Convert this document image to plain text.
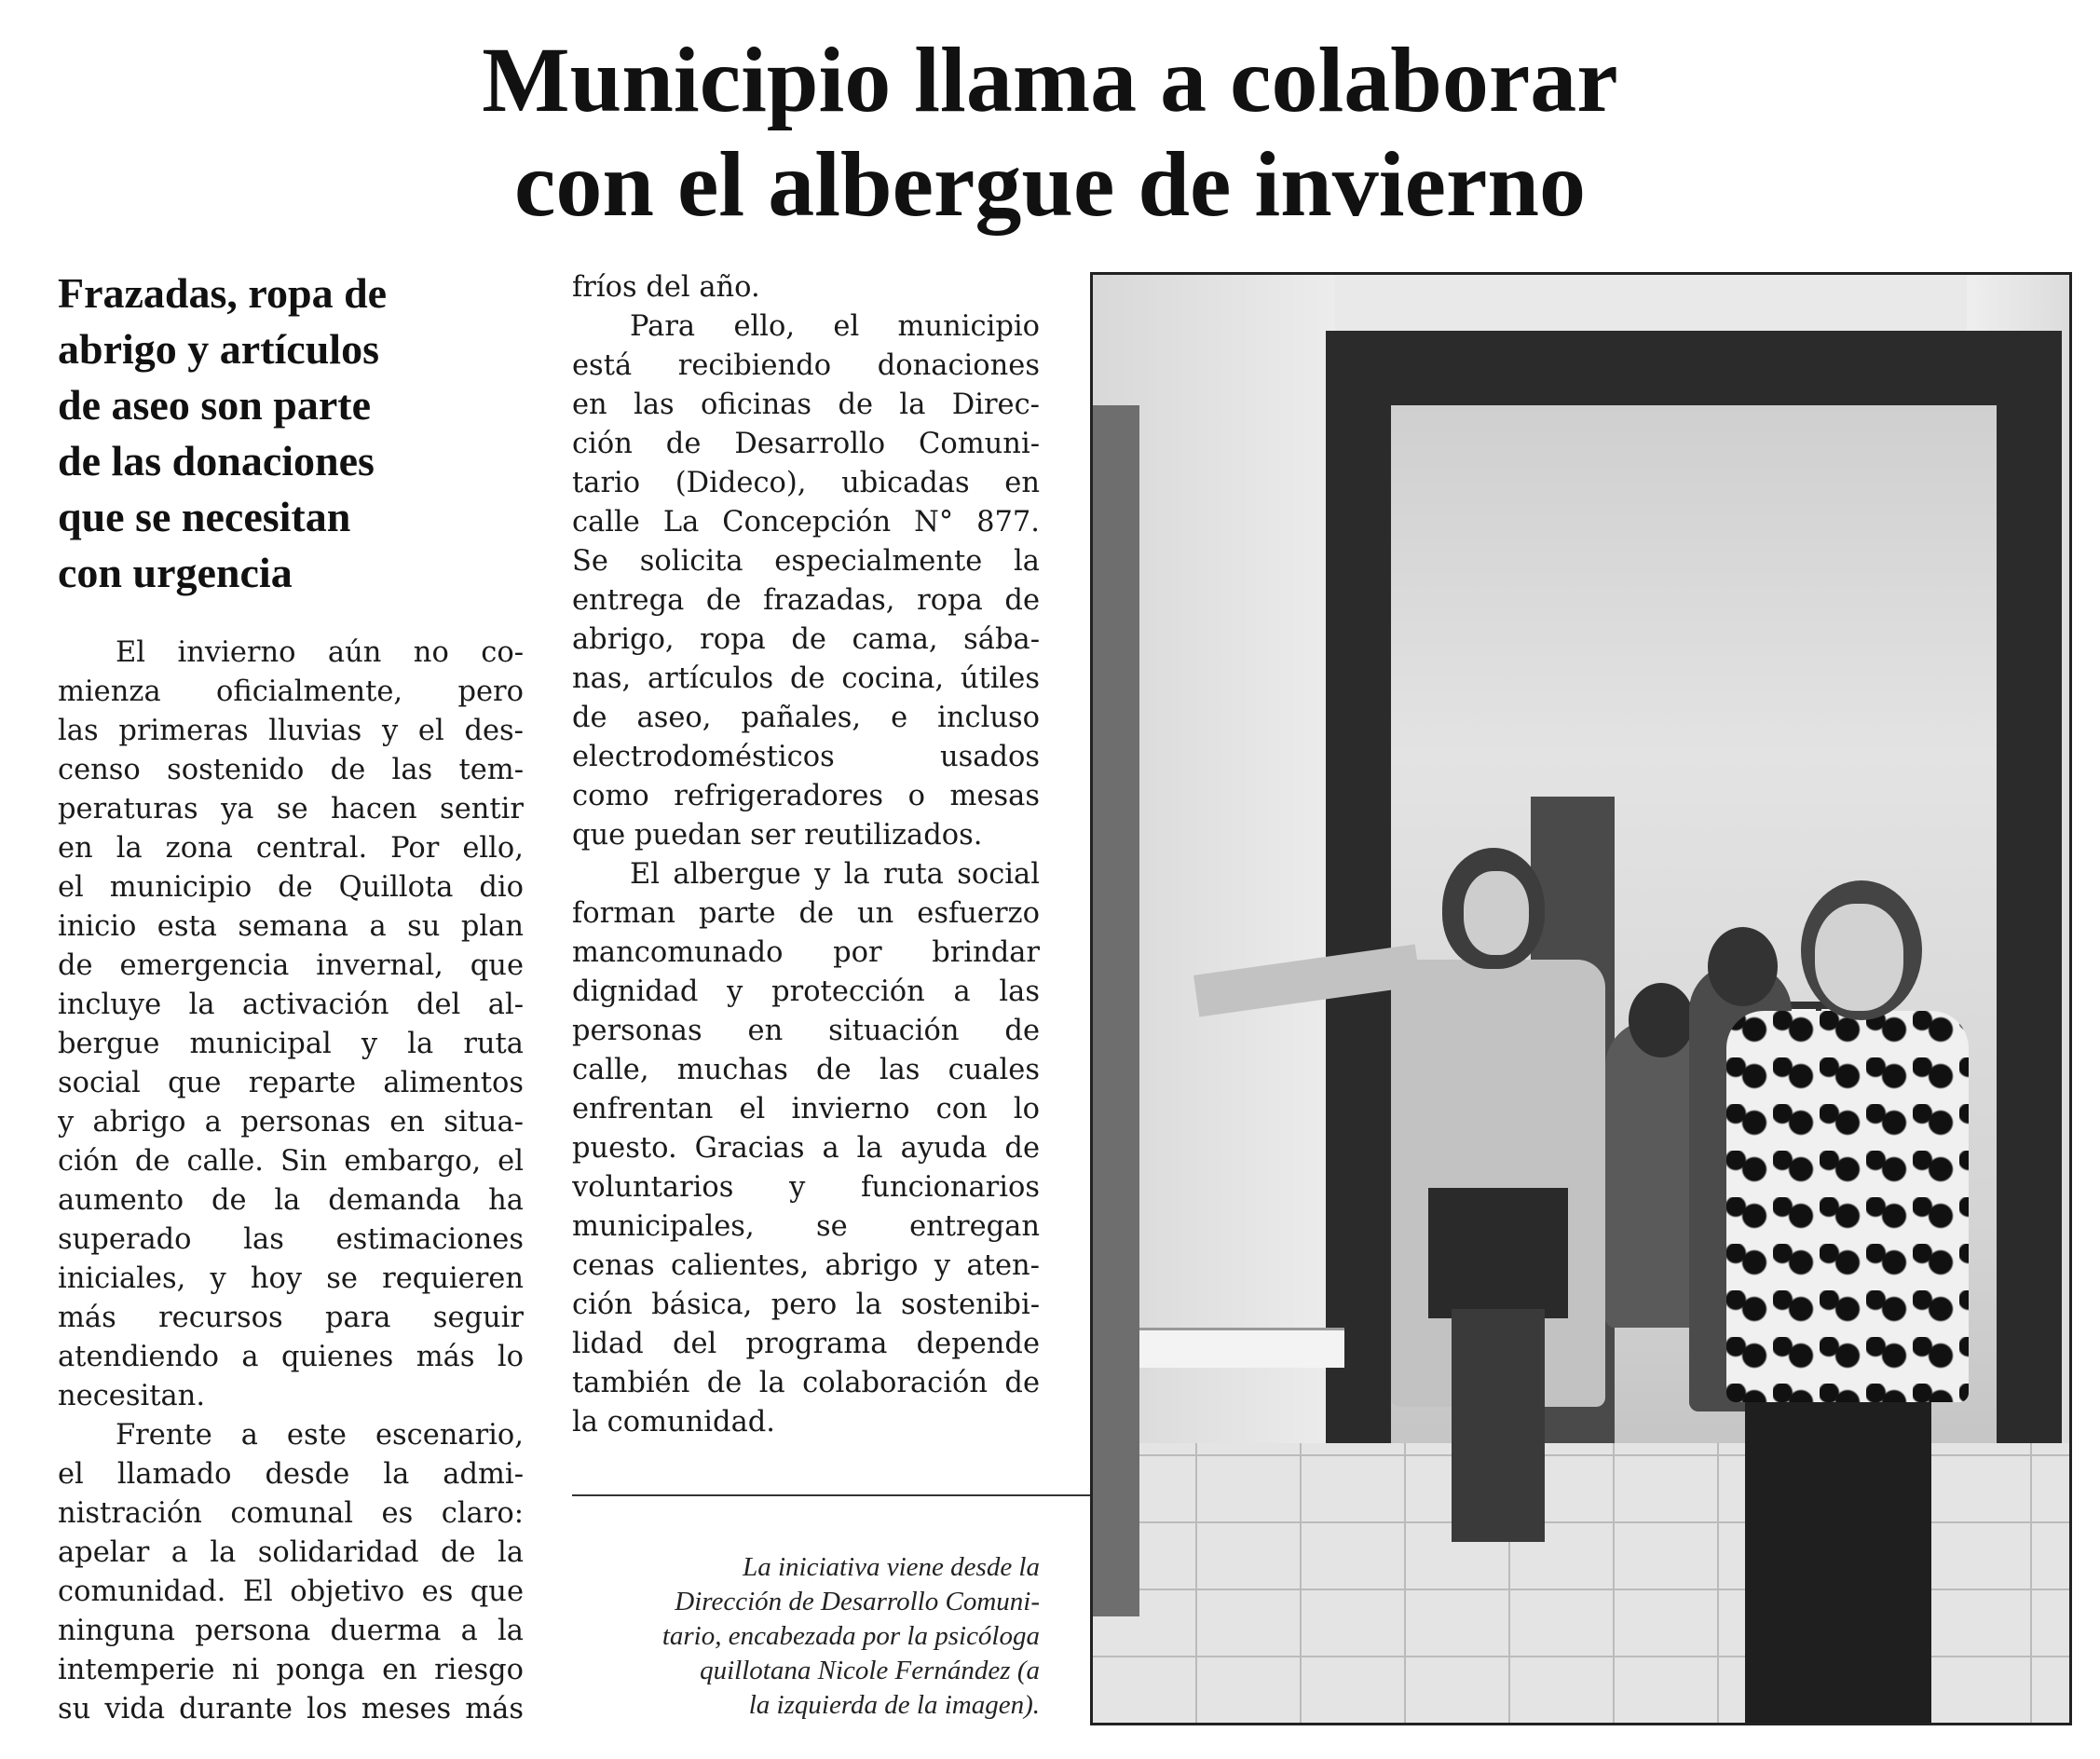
Municipio llama a colaborar
con el albergue de invierno
Frazadas, ropa de
abrigo y artículos
de aseo son parte
de las donaciones
que se necesitan
con urgencia
El invierno aún no co-
mienza oficialmente, pero
las primeras lluvias y el des-
censo sostenido de las tem-
peraturas ya se hacen sentir
en la zona central. Por ello,
el municipio de Quillota dio
inicio esta semana a su plan
de emergencia invernal, que
incluye la activación del al-
bergue municipal y la ruta
social que reparte alimentos
y abrigo a personas en situa-
ción de calle. Sin embargo, el
aumento de la demanda ha
superado las estimaciones
iniciales, y hoy se requieren
más recursos para seguir
atendiendo a quienes más lo
necesitan.
Frente a este escenario,
el llamado desde la admi-
nistración comunal es claro:
apelar a la solidaridad de la
comunidad. El objetivo es que
ninguna persona duerma a la
intemperie ni ponga en riesgo
su vida durante los meses más
fríos del año.
Para ello, el municipio
está recibiendo donaciones
en las oficinas de la Direc-
ción de Desarrollo Comuni-
tario (Dideco), ubicadas en
calle La Concepción N° 877.
Se solicita especialmente la
entrega de frazadas, ropa de
abrigo, ropa de cama, sába-
nas, artículos de cocina, útiles
de aseo, pañales, e incluso
electrodomésticos usados
como refrigeradores o mesas
que puedan ser reutilizados.
El albergue y la ruta social
forman parte de un esfuerzo
mancomunado por brindar
dignidad y protección a las
personas en situación de
calle, muchas de las cuales
enfrentan el invierno con lo
puesto. Gracias a la ayuda de
voluntarios y funcionarios
municipales, se entregan
cenas calientes, abrigo y aten-
ción básica, pero la sostenibi-
lidad del programa depende
también de la colaboración de
la comunidad.
La iniciativa viene desde la
Dirección de Desarrollo Comuni-
tario, encabezada por la psicóloga
quillotana Nicole Fernández (a
la izquierda de la imagen).
